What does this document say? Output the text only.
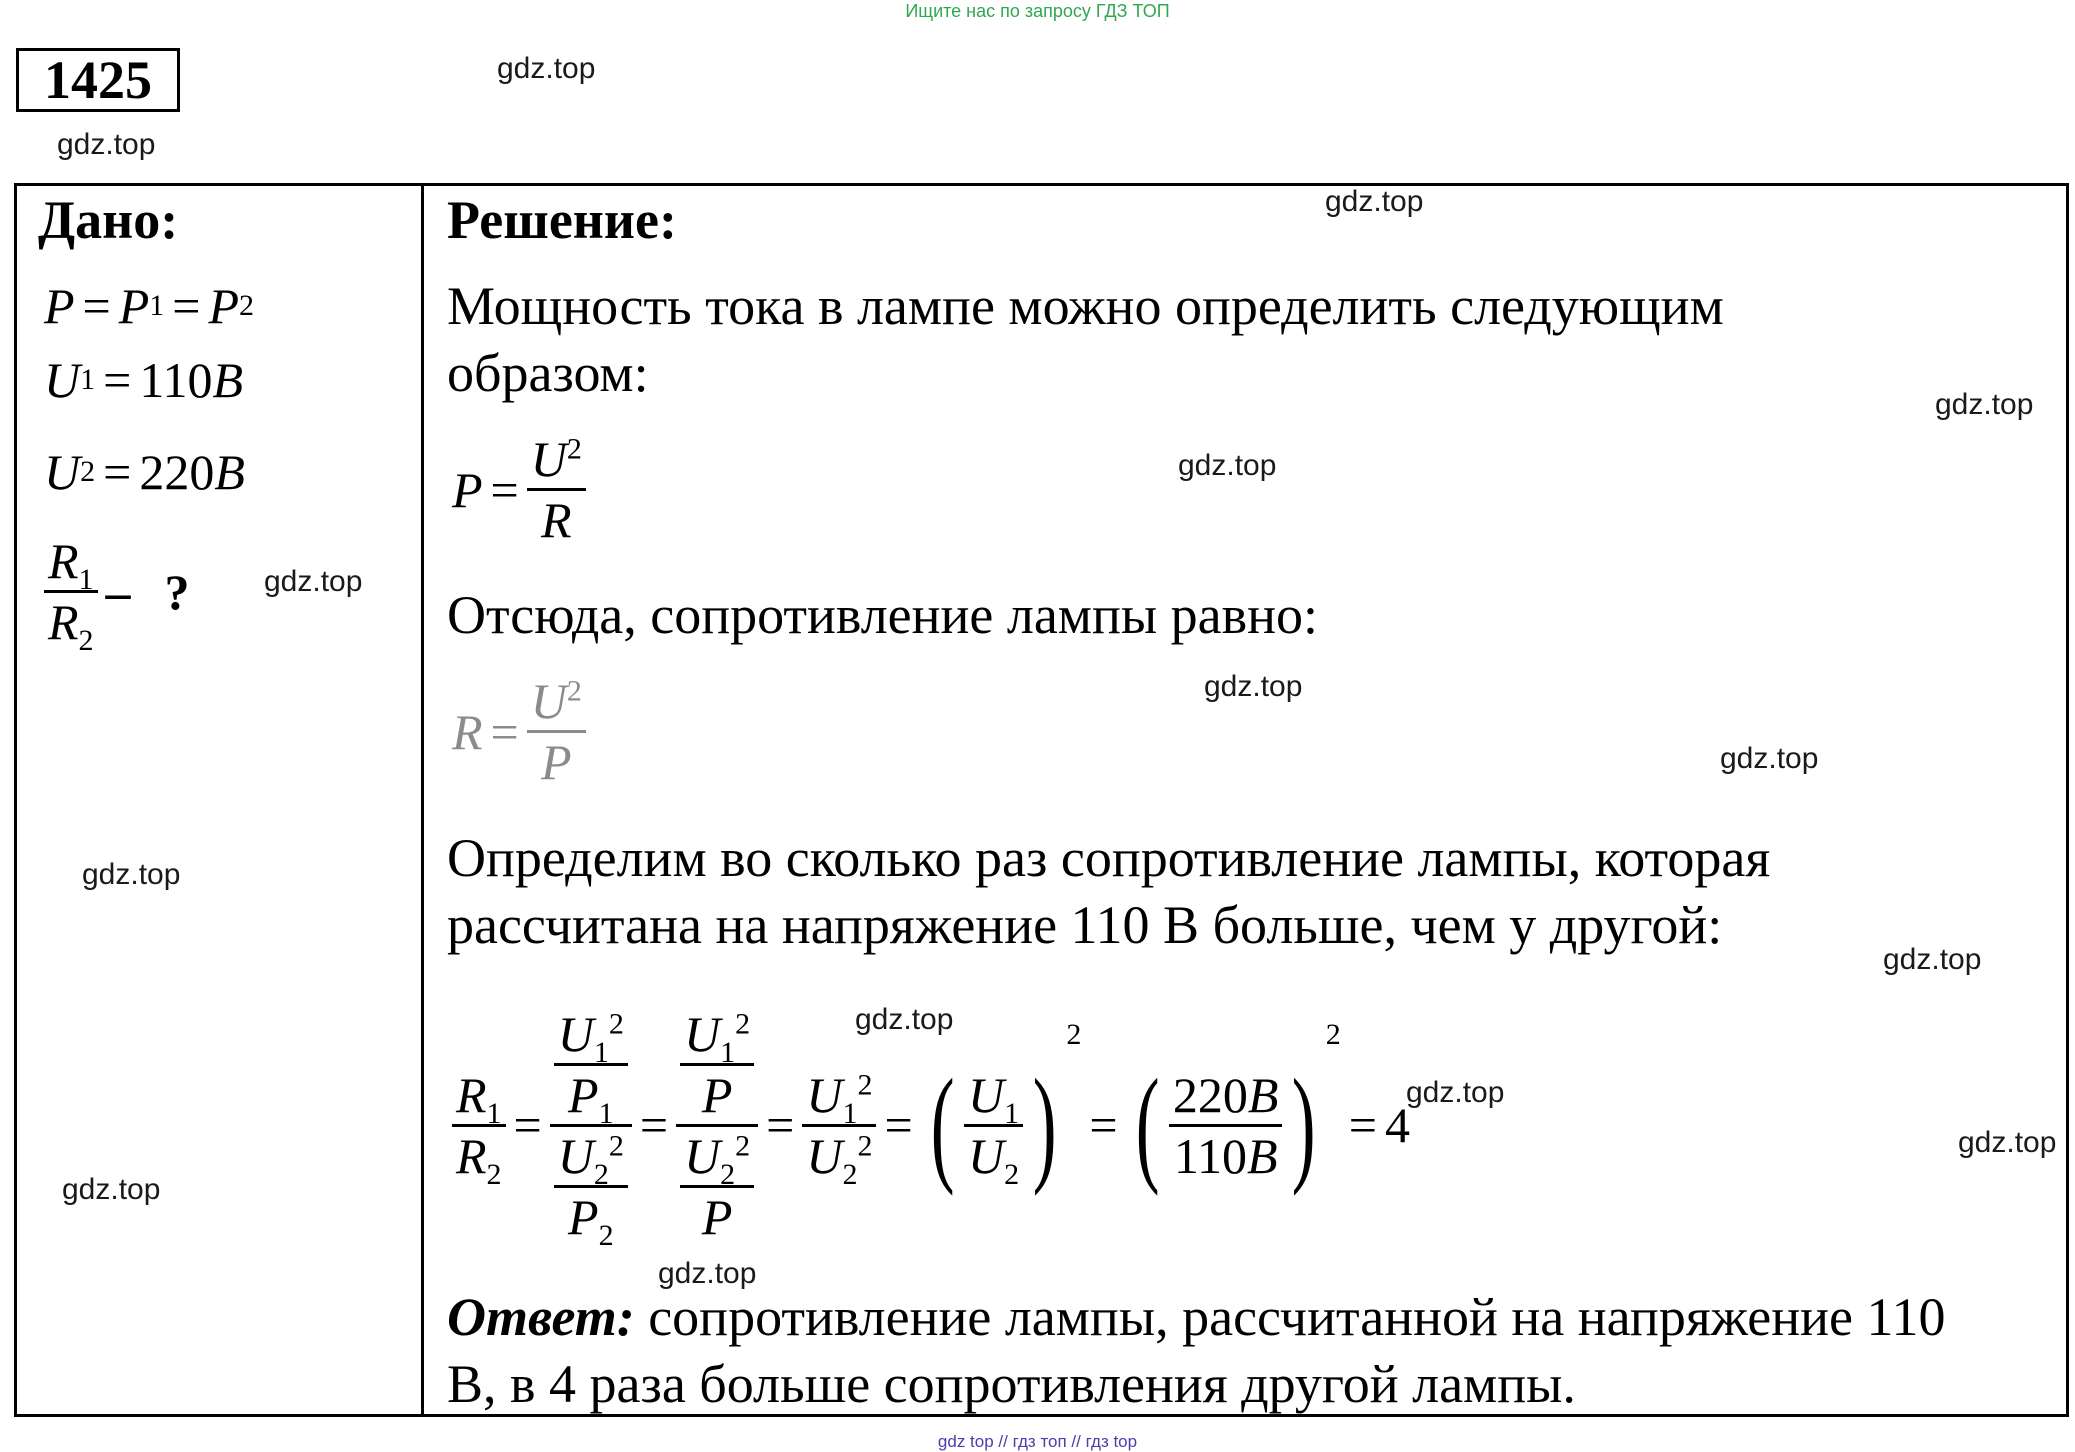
Ищите нас по запросу ГДЗ ТОП
1425	gdz.top
gdz.top
gdz.top
gdz.top
gdz.top
gdz.top
gdz.top
gdz.top
gdz.top
gdz.top
gdz.top
gdz.top
gdz.top
gdz.top
gdz.top
Дано:
P = P 1 = P 2
U 1 = 110 B
U 2 = 220 B
$\frac{R_1}{R_2}$ – ?
Решение:
Мощность тока в лампе можно определить следующим образом:
$P = \frac{U^2}{R}$
Отсюда, сопротивление лампы равно:
$R = \frac{U^2}{P}$
Определим во сколько раз сопротивление лампы, которая рассчитана на напряжение 110 В больше, чем у другой:
$\frac{R_1}{R_2} = \frac{\frac{U_1^2}{P_1}}{\frac{U_2^2}{P_2}} = \frac{\frac{U_1^2}{P}}{\frac{U_2^2}{P}} = \frac{U_1^2}{U_2^2}$ = ( $\frac{U_1}{U_2}$ )
2
= ( $\frac{220B}{110B}$ )
2
= 4
Ответ: сопротивление лампы, рассчитанной на напряжение 110 В, в 4 раза больше сопротивления другой лампы.
gdz top // гдз топ // гдз top
